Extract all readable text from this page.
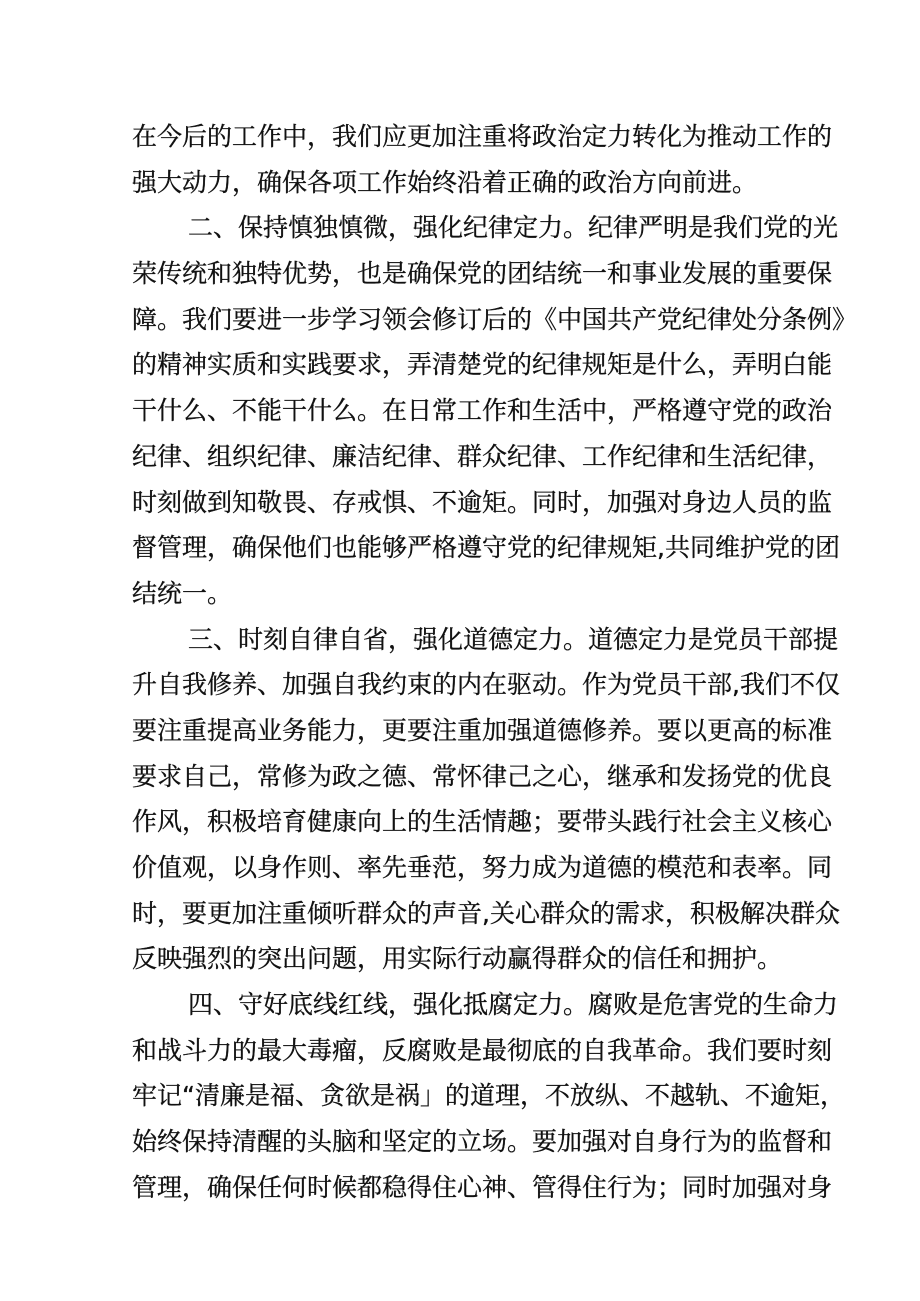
在今后的工作中，我们应更加注重将政治定力转化为推动工作的
强大动力，确保各项工作始终沿着正确的政治方向前进。
二、保持慎独慎微，强化纪律定力。纪律严明是我们党的光
荣传统和独特优势，也是确保党的团结统一和事业发展的重要保
障。我们要进一步学习领会修订后的《中国共产党纪律处分条例》
的精神实质和实践要求，弄清楚党的纪律规矩是什么，弄明白能
干什么、不能干什么。在日常工作和生活中，严格遵守党的政治
纪律、组织纪律、廉洁纪律、群众纪律、工作纪律和生活纪律，
时刻做到知敬畏、存戒惧、不逾矩。同时，加强对身边人员的监
督管理，确保他们也能够严格遵守党的纪律规矩,共同维护党的团
结统一。
三、时刻自律自省，强化道德定力。道德定力是党员干部提
升自我修养、加强自我约束的内在驱动。作为党员干部,我们不仅
要注重提高业务能力，更要注重加强道德修养。要以更高的标准
要求自己，常修为政之德、常怀律己之心，继承和发扬党的优良
作风，积极培育健康向上的生活情趣；要带头践行社会主义核心
价值观，以身作则、率先垂范，努力成为道德的模范和表率。同
时，要更加注重倾听群众的声音,关心群众的需求，积极解决群众
反映强烈的突出问题，用实际行动赢得群众的信任和拥护。
四、守好底线红线，强化抵腐定力。腐败是危害党的生命力
和战斗力的最大毒瘤，反腐败是最彻底的自我革命。我们要时刻
牢记“清廉是福、贪欲是祸」的道理，不放纵、不越轨、不逾矩，
始终保持清醒的头脑和坚定的立场。要加强对自身行为的监督和
管理，确保任何时候都稳得住心神、管得住行为；同时加强对身
